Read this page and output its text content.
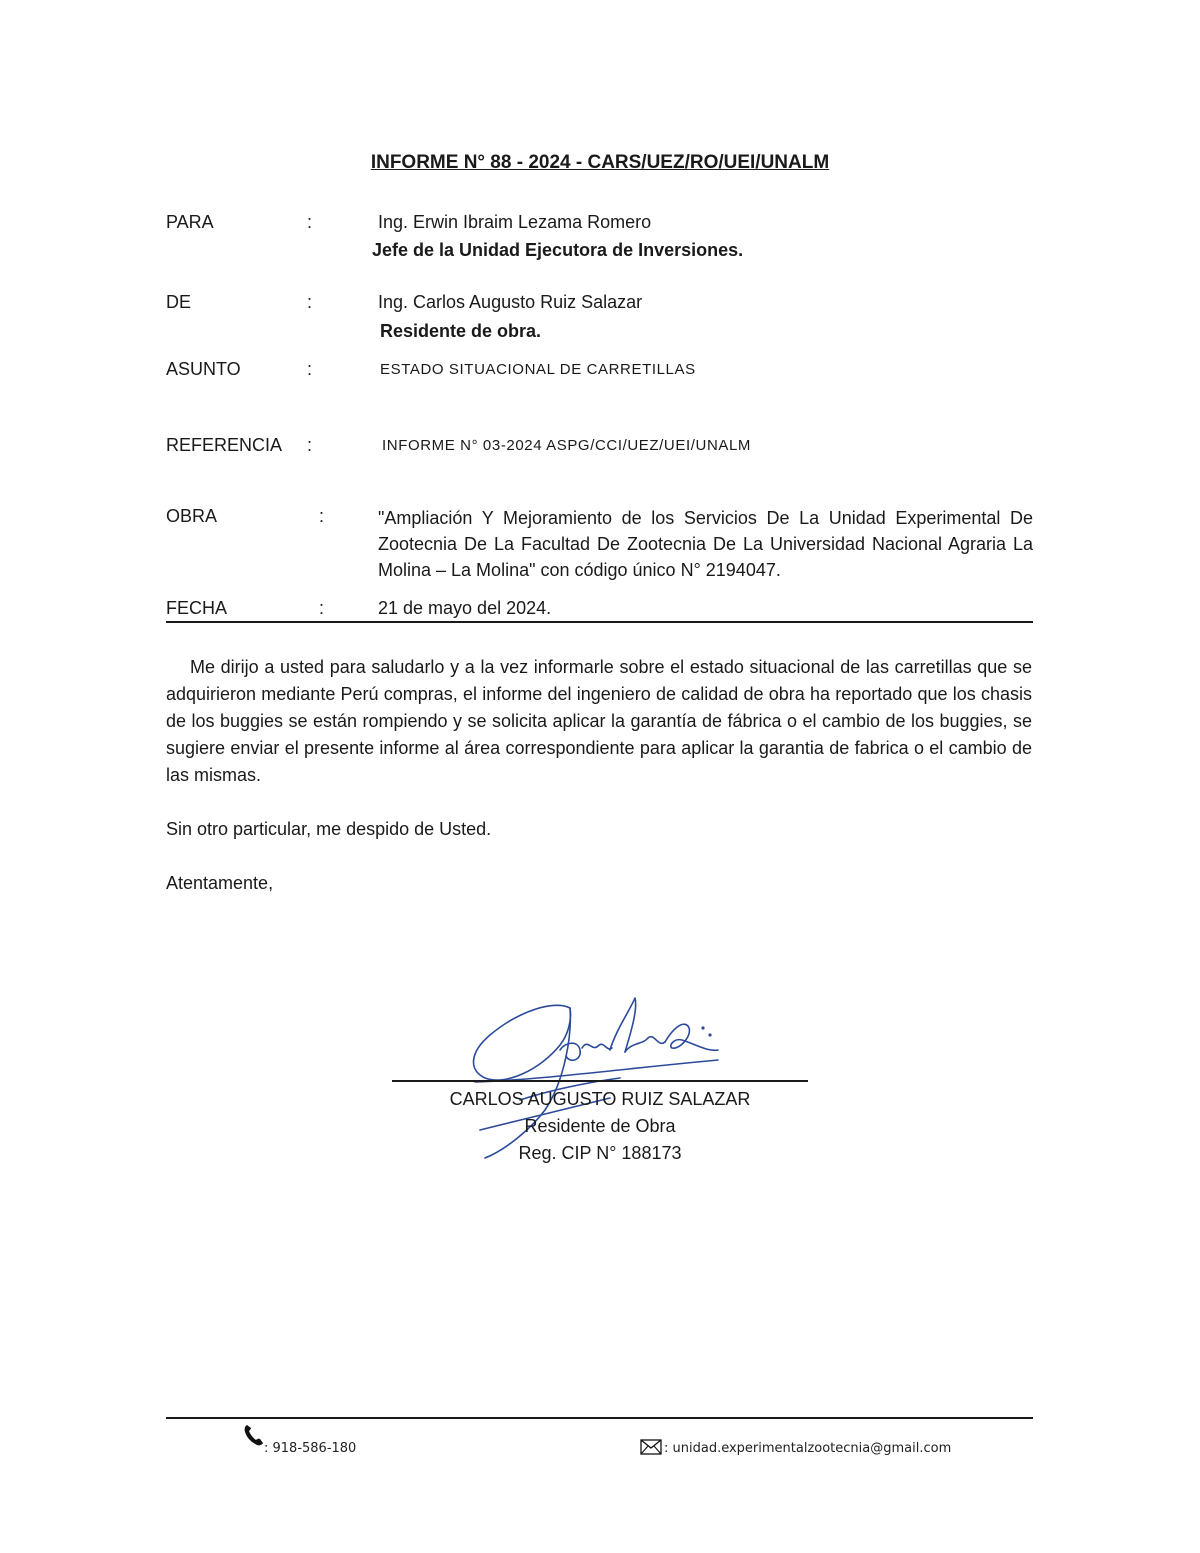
INFORME N° 88 - 2024 - CARS/UEZ/RO/UEI/UNALM
PARA	:	Ing. Erwin Ibraim Lezama Romero
Jefe de la Unidad Ejecutora de Inversiones.
DE	:	Ing. Carlos Augusto Ruiz Salazar
Residente de obra.
ASUNTO	:	ESTADO SITUACIONAL DE CARRETILLAS
REFERENCIA :	INFORME N° 03-2024 ASPG/CCI/UEZ/UEI/UNALM
OBRA	:	"Ampliación Y Mejoramiento de los Servicios De La Unidad Experimental De Zootecnia De La Facultad De Zootecnia De La Universidad Nacional Agraria La Molina – La Molina" con código único N° 2194047.
FECHA	:	21 de mayo del 2024.
Me dirijo a usted para saludarlo y a la vez informarle sobre el estado situacional de las carretillas que se adquirieron mediante Perú compras, el informe del ingeniero de calidad de obra ha reportado que los chasis de los buggies se están rompiendo y se solicita aplicar la garantía de fábrica o el cambio de los buggies, se sugiere enviar el presente informe al área correspondiente para aplicar la garantia de fabrica o el cambio de las mismas.
Sin otro particular, me despido de Usted.
Atentamente,
CARLOS AUGUSTO RUIZ SALAZAR
Residente de Obra
Reg. CIP N° 188173
: 918-586-180	: unidad.experimentalzootecnia@gmail.com
